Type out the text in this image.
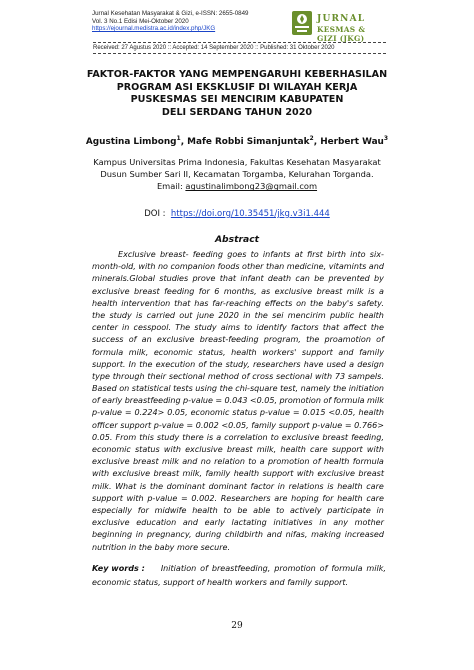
Jurnal Kesehatan Masyarakat & Gizi, e-ISSN: 2655-0849
Vol. 3 No.1 Edisi Mei-Oktober 2020
https://ejournal.medistra.ac.id/index.php/JKG
JURNAL
KESMAS & GIZI (JKG)
Received: 27 Agustus 2020 :: Accepted: 14 September 2020 :: Published: 31 Oktober 2020
FAKTOR-FAKTOR YANG MEMPENGARUHI KEBERHASILAN
PROGRAM ASI EKSKLUSIF DI WILAYAH KERJA
PUSKESMAS SEI MENCIRIM KABUPATEN
DELI SERDANG TAHUN 2020
Agustina Limbong$^1$, Mafe Robbi Simanjuntak$^2$, Herbert Wau$^3$
Kampus Universitas Prima Indonesia, Fakultas Kesehatan Masyarakat
Dusun Sumber Sari II, Kecamatan Torgamba, Kelurahan Torganda.
Email: agustinalimbong23@gmail.com
DOI : https://doi.org/10.35451/jkg.v3i1.444
Abstract
Exclusive breast- feeding goes to infants at first birth into six-
month-old, with no companion foods other than medicine, vitamints and
minerals.Global studies prove that infant death can be prevented by
exclusive breast feeding for 6 months, as exclusive breast milk is a
health intervention that has far-reaching effects on the baby's safety.
the study is carried out june 2020 in the sei mencirim public health
center in cesspool. The study aims to identify factors that affect the
success of an exclusive breast-feeding program, the proamotion of
formula milk, economic status, health workers' support and family
support. In the execution of the study, researchers have used a design
type through their sectional method of cross sectional with 73 sampels.
Based on statistical tests using the chi-square test, namely the initiation
of early breastfeeding p-value = 0.043 <0.05, promotion of formula milk
p-value = 0.224> 0.05, economic status p-value = 0.015 <0.05, health
officer support p-value = 0.002 <0.05, family support p-value = 0.766>
0.05. From this study there is a correlation to exclusive breast feeding,
economic status with exclusive breast milk, health care support with
exclusive breast milk and no relation to a promotion of health formula
with exclusive breast milk, family health support with exclusive breast
milk. What is the dominant dominant factor in relations is health care
support with p-value = 0.002. Researchers are hoping for health care
especially for midwife health to be able to actively participate in
exclusive education and early lactating initiatives in any mother
beginning in pregnancy, during childbirth and nifas, making increased
nutrition in the baby more secure.
Key words : Initiation of breastfeeding, promotion of formula milk,
economic status, support of health workers and family support.
29
